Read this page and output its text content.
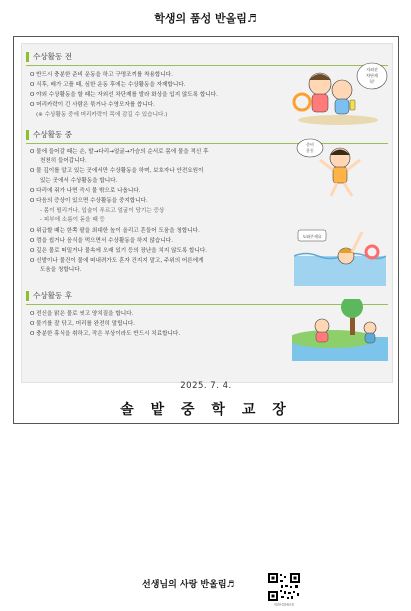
학생의 품성 반올림♬
수상활동 전
O 반드시 충분한 준비 운동을 하고 구명조끼를 착용합니다.
O 식후, 배가 고플 때, 심한 운동 후에는 수상활동을 자제합니다.
O 야외 수상활동을 할 때는 자외선 차단제를 발라 화상을 입지 않도록 합니다.
O 머리카락이 긴 사람은 묶거나 수영모자를 씁니다.
(※ 수상활동 중에 머리카락이 목에 감길 수 있습니다.)
자외선
차단제
꼭!
수상활동 중
O 물에 들어갈 때는 손, 발→다리→얼굴→가슴의 순서로 몸에 물을 적신 후
천천히 들어갑니다.
O 물 깊이를 알고 있는 곳에서만 수상활동을 하며, 보호자나 안전요원이
있는 곳에서 수상활동을 합니다.
O 다리에 쥐가 나면 즉시 물 밖으로 나옵니다.
O 다음의 증상이 있으면 수상활동을 중지합니다.
- 몸이 떨리거나, 입술이 푸르고 얼굴이 당기는 증상
- 피부에 소름이 돋을 때 등
O 위급할 때는 한쪽 팔을 최대한 높이 올리고 흔들어 도움을 청합니다.
O 껌을 씹거나 음식을 먹으면서 수상활동을 하지 않습니다.
O 깊은 물로 떠밀거나 물속에 오래 있기 등의 장난을 치지 않도록 합니다.
O 신발이나 물건이 물에 떠내려가도 혼자 건지지 말고, 주위의 어른에게
도움을 청합니다.
준비
운동
도와주세요
수상활동 후
O 전신을 맑은 물로 씻고 양치질을 합니다.
O 물기를 잘 닦고, 머리를 완전히 말립니다.
O 충분한 휴식을 취하고, 작은 부상이라도 반드시 치료합니다.
2025. 7. 4.
솔 밭 중 학 교 장
선생님의 사랑 반올림♬
대성산림문화교육
